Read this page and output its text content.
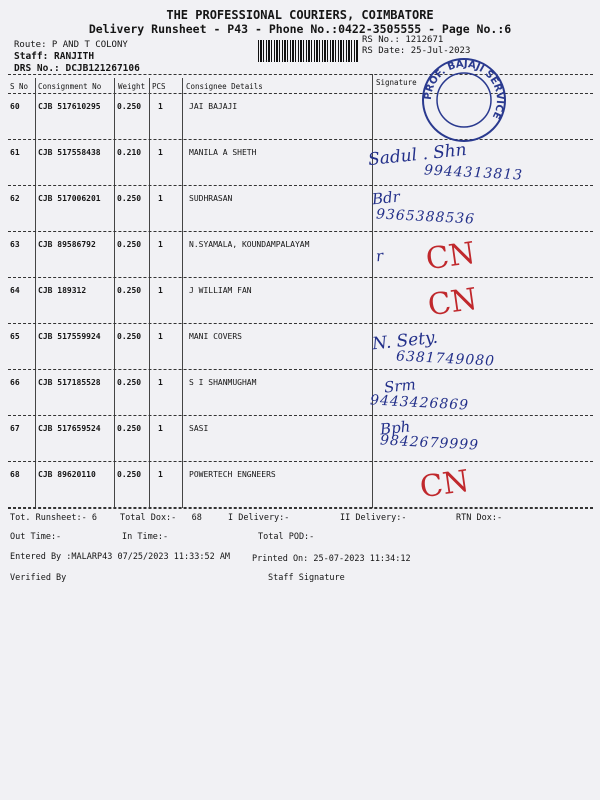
THE PROFESSIONAL COURIERS, COIMBATORE
Delivery Runsheet - P43 - Phone No.:0422-3505555 - Page No.:6
Route: P AND T COLONY
Staff: RANJITH
DRS No.: DCJB121267106
RS No.: 1212671
RS Date: 25-Jul-2023
S No Consignment No Weight PCS	Consignee Details	Signature
60 CJB 517610295 0.250 1	JAI BAJAJI
61 CJB 517558438 0.210 1	MANILA A SHETH	Sadul . Shn
9944313813
62 CJB 517006201 0.250 1	SUDHRASAN	Bdr
9365388536
63 CJB 89586792	0.250 1	N.SYAMALA, KOUNDAMPALAYAM
r CN
64 CJB 189312	0.250 1	J WILLIAM FAN	CN
65 CJB 517559924 0.250 1	MANI COVERS	N. Sety.
6381749080
66 CJB 517185528 0.250 1	S I SHANMUGHAM	Srm
9443426869
67 CJB 517659524 0.250 1	SASI	Bph
9842679999
68 CJB 89620110	0.250 1	POWERTECH ENGNEERS	CN
PROF. BAJAJI SERVICE
Tot. Runsheet:- 6	Total Dox:-   68	I Delivery:-	II Delivery:-	RTN Dox:-
Out Time:-	In Time:-	Total POD:-
Entered By :MALARP43 07/25/2023 11:33:52 AM	Printed On: 25-07-2023 11:34:12
Verified By	Staff Signature
